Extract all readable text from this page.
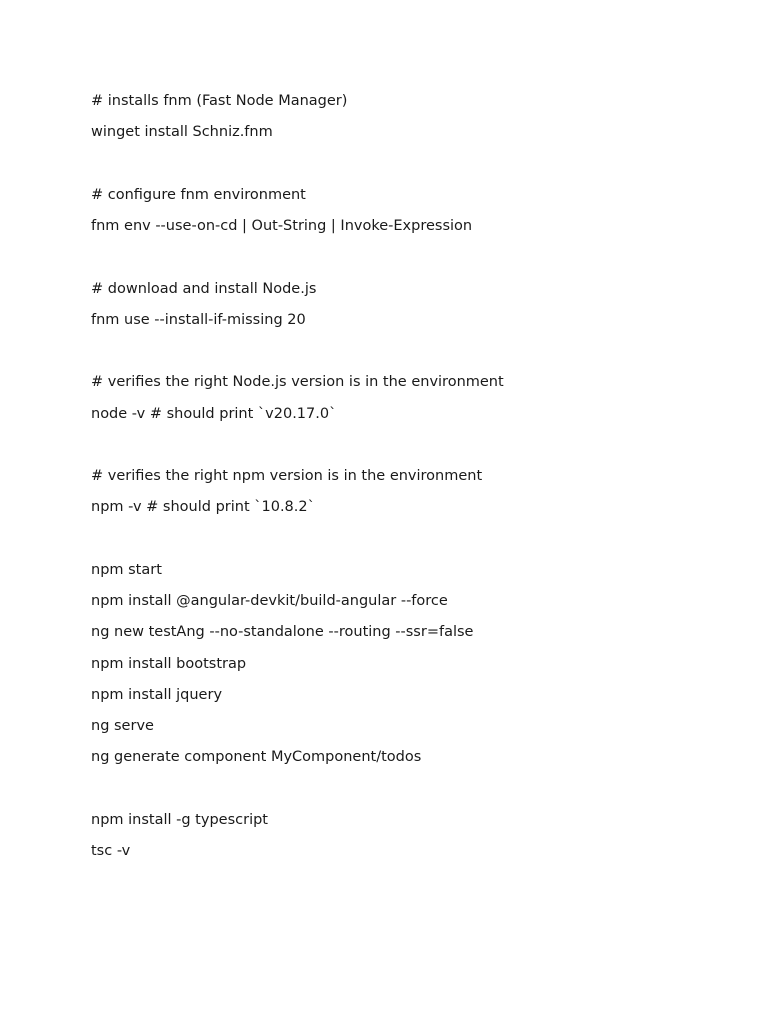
# installs fnm (Fast Node Manager)
winget install Schniz.fnm
# configure fnm environment
fnm env --use-on-cd | Out-String | Invoke-Expression
# download and install Node.js
fnm use --install-if-missing 20
# verifies the right Node.js version is in the environment
node -v # should print `v20.17.0`
# verifies the right npm version is in the environment
npm -v # should print `10.8.2`
npm start
npm install @angular-devkit/build-angular --force
ng new testAng --no-standalone --routing --ssr=false
npm install bootstrap
npm install jquery
ng serve
ng generate component MyComponent/todos
npm install -g typescript
tsc -v
